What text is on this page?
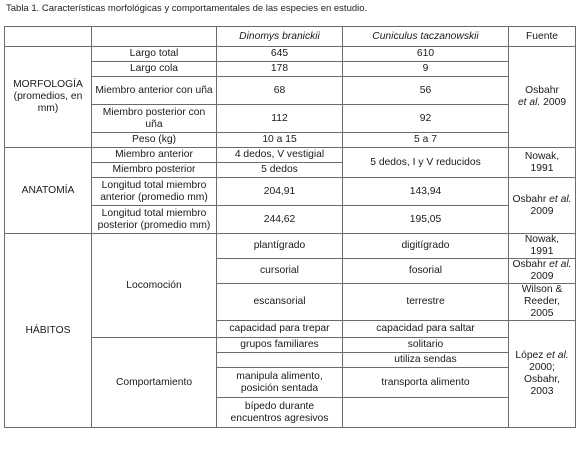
Tabla 1. Características morfológicas y comportamentales de las especies en estudio.
		Dinomys branickii	Cuniculus taczanowskii	Fuente
MORFOLOGÍA (promedios, en mm)	Largo total	645	610	Osbahr
et al. 2009
	Largo cola	178	9	
	Miembro anterior con uña	68	56	
	Miembro posterior con uña	112	92	
	Peso (kg)	10 a 15	5 a 7	
ANATOMÍA	Miembro anterior	4 dedos, V vestigial	5 dedos, I y V reducidos	Nowak, 1991
	Miembro posterior	5 dedos		
	Longitud total miembro anterior (promedio mm)	204,91	143,94	Osbahr et al. 2009
	Longitud total miembro posterior (promedio mm)	244,62	195,05	
HÁBITOS	Locomoción	plantígrado	digitígrado	Nowak, 1991
		cursorial	fosorial	Osbahr et al. 2009
		escansorial	terrestre	Wilson & Reeder, 2005
		capacidad para trepar	capacidad para saltar	López et al. 2000; Osbahr, 2003
	Comportamiento	grupos familiares	solitario	
			utiliza sendas	
		manipula alimento, posición sentada	transporta alimento	
		bípedo durante encuentros agresivos		
